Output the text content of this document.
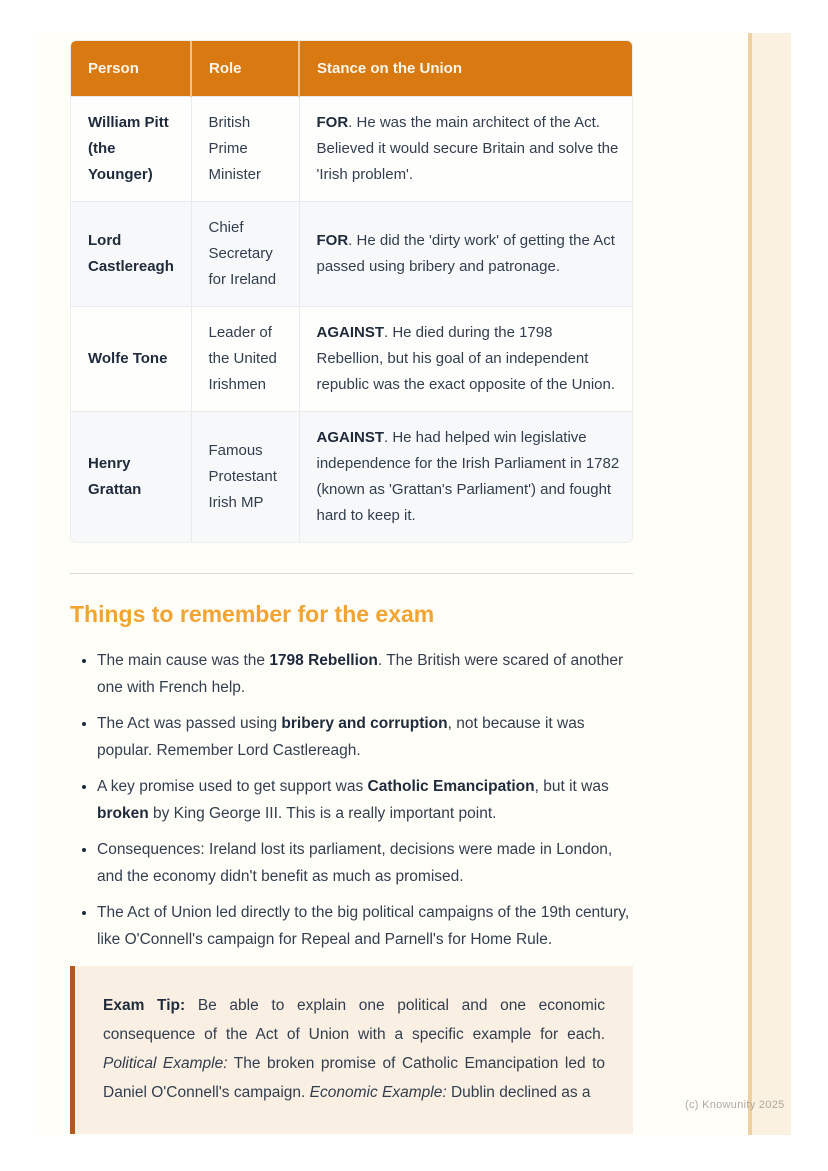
Person	Role	Stance on the Union
William Pitt (the Younger)	British Prime Minister	FOR. He was the main architect of the Act. Believed it would secure Britain and solve the 'Irish problem'.
Lord Castlereagh	Chief Secretary for Ireland	FOR. He did the 'dirty work' of getting the Act passed using bribery and patronage.
Wolfe Tone	Leader of the United Irishmen	AGAINST. He died during the 1798 Rebellion, but his goal of an independent republic was the exact opposite of the Union.
Henry Grattan	Famous Protestant Irish MP	AGAINST. He had helped win legislative independence for the Irish Parliament in 1782 (known as 'Grattan's Parliament') and fought hard to keep it.
Things to remember for the exam
• The main cause was the 1798 Rebellion. The British were scared of another one with French help.
• The Act was passed using bribery and corruption, not because it was popular. Remember Lord Castlereagh.
• A key promise used to get support was Catholic Emancipation, but it was broken by King George III. This is a really important point.
• Consequences: Ireland lost its parliament, decisions were made in London, and the economy didn't benefit as much as promised.
• The Act of Union led directly to the big political campaigns of the 19th century, like O'Connell's campaign for Repeal and Parnell's for Home Rule.
Exam Tip: Be able to explain one political and one economic consequence of the Act of Union with a specific example for each. Political Example: The broken promise of Catholic Emancipation led to Daniel O'Connell's campaign. Economic Example: Dublin declined as a
(c) Knowunity 2025
